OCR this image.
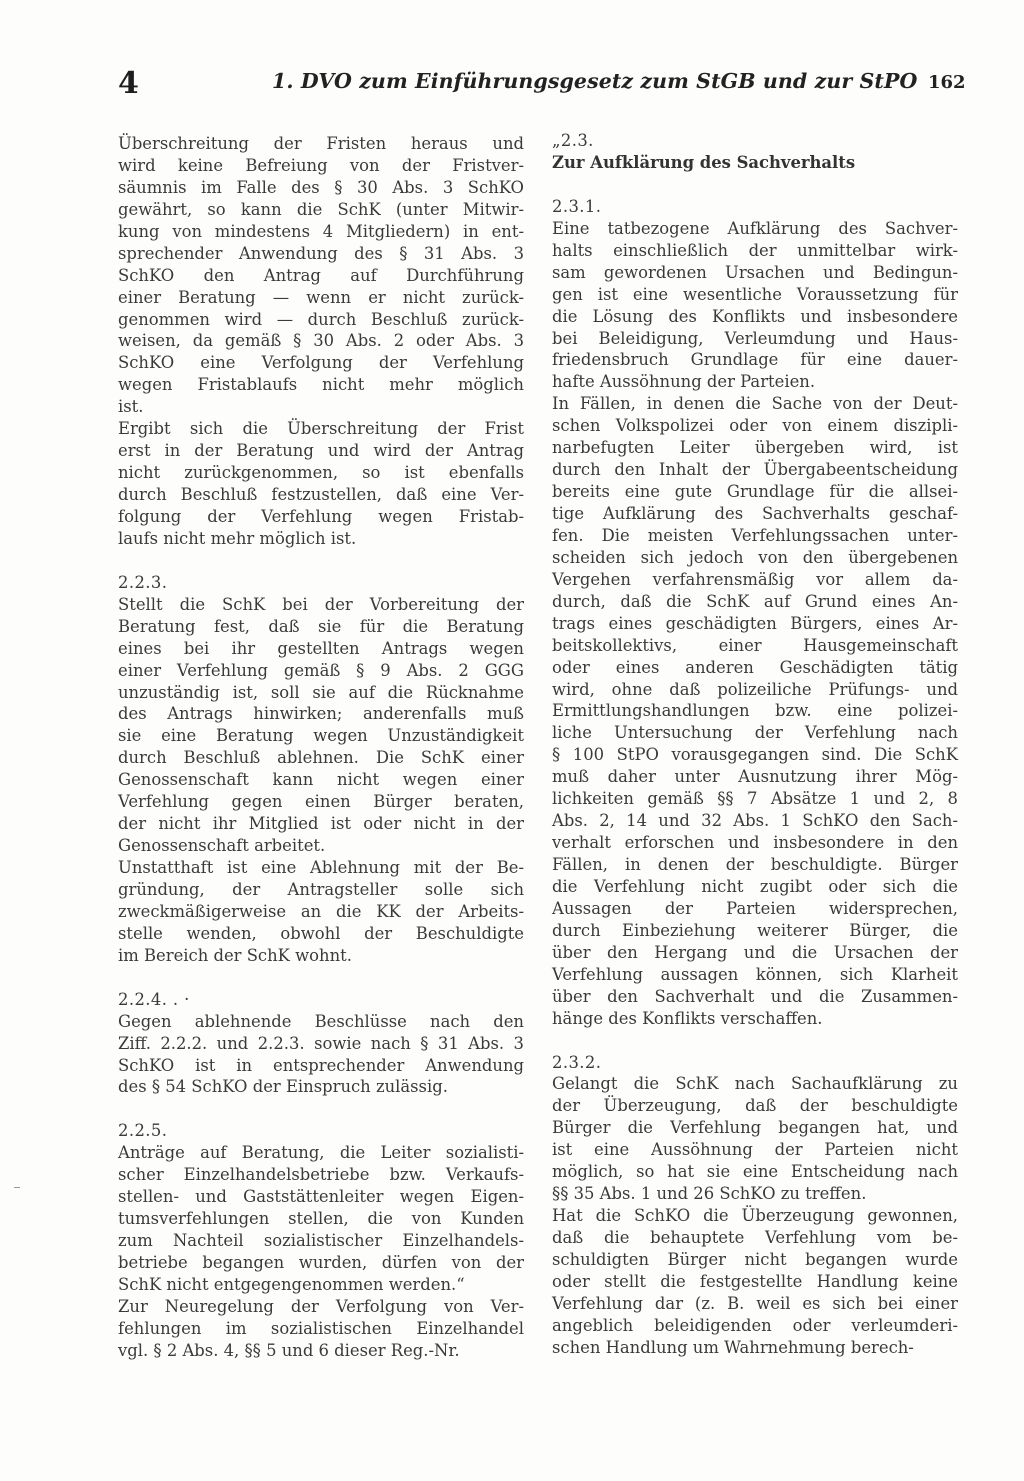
4	1. DVO zum Einführungsgesetz zum StGB und zur StPO 162
Überschreitung der Fristen heraus und
wird keine Befreiung von der Fristver-
säumnis im Falle des § 30 Abs. 3 SchKO
gewährt, so kann die SchK (unter Mitwir-
kung von mindestens 4 Mitgliedern) in ent-
sprechender Anwendung des § 31 Abs. 3
SchKO den Antrag auf Durchführung
einer Beratung — wenn er nicht zurück-
genommen wird — durch Beschluß zurück-
weisen, da gemäß § 30 Abs. 2 oder Abs. 3
SchKO eine Verfolgung der Verfehlung
wegen Fristablaufs nicht mehr möglich
ist.
Ergibt sich die Überschreitung der Frist
erst in der Beratung und wird der Antrag
nicht zurückgenommen, so ist ebenfalls
durch Beschluß festzustellen, daß eine Ver-
folgung der Verfehlung wegen Fristab-
laufs nicht mehr möglich ist.
2.2.3.
Stellt die SchK bei der Vorbereitung der
Beratung fest, daß sie für die Beratung
eines bei ihr gestellten Antrags wegen
einer Verfehlung gemäß § 9 Abs. 2 GGG
unzuständig ist, soll sie auf die Rücknahme
des Antrags hinwirken; anderenfalls muß
sie eine Beratung wegen Unzuständigkeit
durch Beschluß ablehnen. Die SchK einer
Genossenschaft kann nicht wegen einer
Verfehlung gegen einen Bürger beraten,
der nicht ihr Mitglied ist oder nicht in der
Genossenschaft arbeitet.
Unstatthaft ist eine Ablehnung mit der Be-
gründung, der Antragsteller solle sich
zweckmäßigerweise an die KK der Arbeits-
stelle wenden, obwohl der Beschuldigte
im Bereich der SchK wohnt.
2.2.4. . ·
Gegen ablehnende Beschlüsse nach den
Ziff. 2.2.2. und 2.2.3. sowie nach § 31 Abs. 3
SchKO ist in entsprechender Anwendung
des § 54 SchKO der Einspruch zulässig.
2.2.5.
Anträge auf Beratung, die Leiter sozialisti-
scher Einzelhandelsbetriebe bzw. Verkaufs-
stellen- und Gaststättenleiter wegen Eigen-
tumsverfehlungen stellen, die von Kunden
zum Nachteil sozialistischer Einzelhandels-
betriebe begangen wurden, dürfen von der
SchK nicht entgegengenommen werden.“
Zur Neuregelung der Verfolgung von Ver-
fehlungen im sozialistischen Einzelhandel
vgl. § 2 Abs. 4, §§ 5 und 6 dieser Reg.-Nr.
„2.3.
Zur Aufklärung des Sachverhalts
2.3.1.
Eine tatbezogene Aufklärung des Sachver-
halts einschließlich der unmittelbar wirk-
sam gewordenen Ursachen und Bedingun-
gen ist eine wesentliche Voraussetzung für
die Lösung des Konflikts und insbesondere
bei Beleidigung, Verleumdung und Haus-
friedensbruch Grundlage für eine dauer-
hafte Aussöhnung der Parteien.
In Fällen, in denen die Sache von der Deut-
schen Volkspolizei oder von einem diszipli-
narbefugten Leiter übergeben wird, ist
durch den Inhalt der Übergabeentscheidung
bereits eine gute Grundlage für die allsei-
tige Aufklärung des Sachverhalts geschaf-
fen. Die meisten Verfehlungssachen unter-
scheiden sich jedoch von den übergebenen
Vergehen verfahrensmäßig vor allem da-
durch, daß die SchK auf Grund eines An-
trags eines geschädigten Bürgers, eines Ar-
beitskollektivs, einer Hausgemeinschaft
oder eines anderen Geschädigten tätig
wird, ohne daß polizeiliche Prüfungs- und
Ermittlungshandlungen bzw. eine polizei-
liche Untersuchung der Verfehlung nach
§ 100 StPO vorausgegangen sind. Die SchK
muß daher unter Ausnutzung ihrer Mög-
lichkeiten gemäß §§ 7 Absätze 1 und 2, 8
Abs. 2, 14 und 32 Abs. 1 SchKO den Sach-
verhalt erforschen und insbesondere in den
Fällen, in denen der beschuldigte. Bürger
die Verfehlung nicht zugibt oder sich die
Aussagen der Parteien widersprechen,
durch Einbeziehung weiterer Bürger, die
über den Hergang und die Ursachen der
Verfehlung aussagen können, sich Klarheit
über den Sachverhalt und die Zusammen-
hänge des Konflikts verschaffen.
2.3.2.
Gelangt die SchK nach Sachaufklärung zu
der Überzeugung, daß der beschuldigte
Bürger die Verfehlung begangen hat, und
ist eine Aussöhnung der Parteien nicht
möglich, so hat sie eine Entscheidung nach
§§ 35 Abs. 1 und 26 SchKO zu treffen.
Hat die SchKO die Überzeugung gewonnen,
daß die behauptete Verfehlung vom be-
schuldigten Bürger nicht begangen wurde
oder stellt die festgestellte Handlung keine
Verfehlung dar (z. B. weil es sich bei einer
angeblich beleidigenden oder verleumderi-
schen Handlung um Wahrnehmung berech-
